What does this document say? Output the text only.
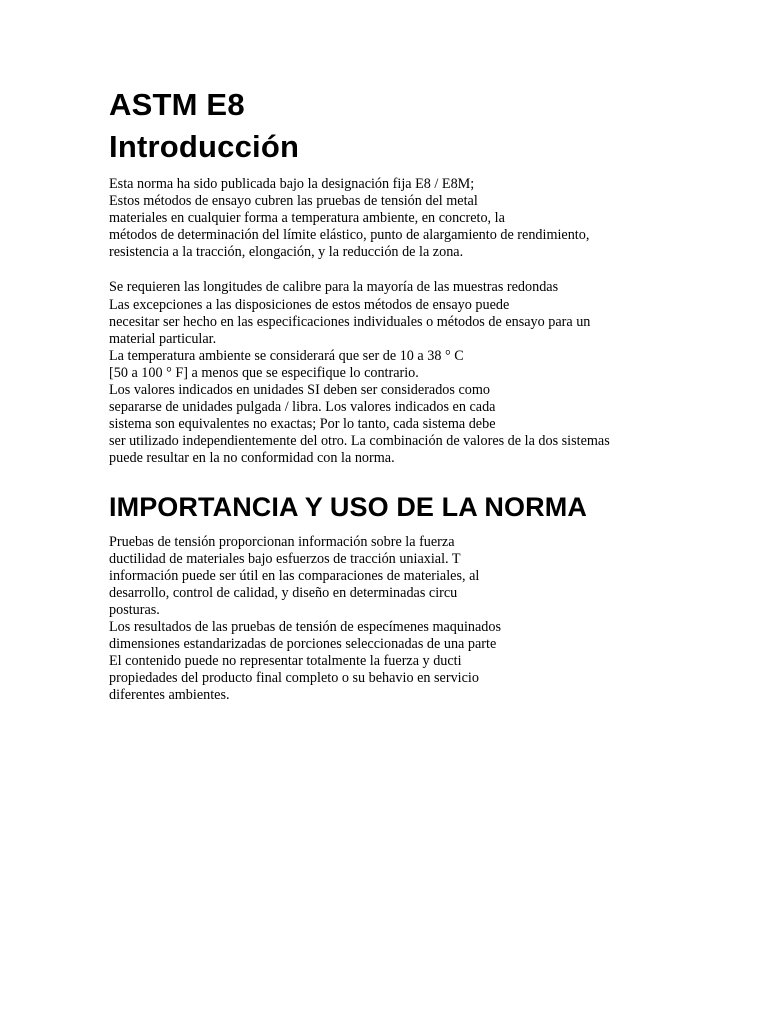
ASTM E8
Introducción

Esta norma ha sido publicada bajo la designación fija E8 / E8M;
Estos métodos de ensayo cubren las pruebas de tensión del metal
materiales en cualquier forma a temperatura ambiente, en concreto, la
métodos de determinación del límite elástico, punto de alargamiento de rendimiento,
resistencia a la tracción, elongación, y la reducción de la zona.

Se requieren las longitudes de calibre para la mayoría de las muestras redondas
Las excepciones a las disposiciones de estos métodos de ensayo puede
necesitar ser hecho en las especificaciones individuales o métodos de ensayo para un
material particular.
La temperatura ambiente se considerará que ser de 10 a 38 ° C
[50 a 100 ° F] a menos que se especifique lo contrario.
Los valores indicados en unidades SI deben ser considerados como
separarse de unidades pulgada / libra. Los valores indicados en cada
sistema son equivalentes no exactas; Por lo tanto, cada sistema debe
ser utilizado independientemente del otro. La combinación de valores de la dos sistemas
puede resultar en la no conformidad con la norma.

IMPORTANCIA Y USO DE LA NORMA

Pruebas de tensión proporcionan información sobre la fuerza
ductilidad de materiales bajo esfuerzos de tracción uniaxial. T
información puede ser útil en las comparaciones de materiales, al
desarrollo, control de calidad, y diseño en determinadas circu
posturas.
Los resultados de las pruebas de tensión de especímenes maquinados
dimensiones estandarizadas de porciones seleccionadas de una parte
El contenido puede no representar totalmente la fuerza y ducti
propiedades del producto final completo o su behavio en servicio
diferentes ambientes.
